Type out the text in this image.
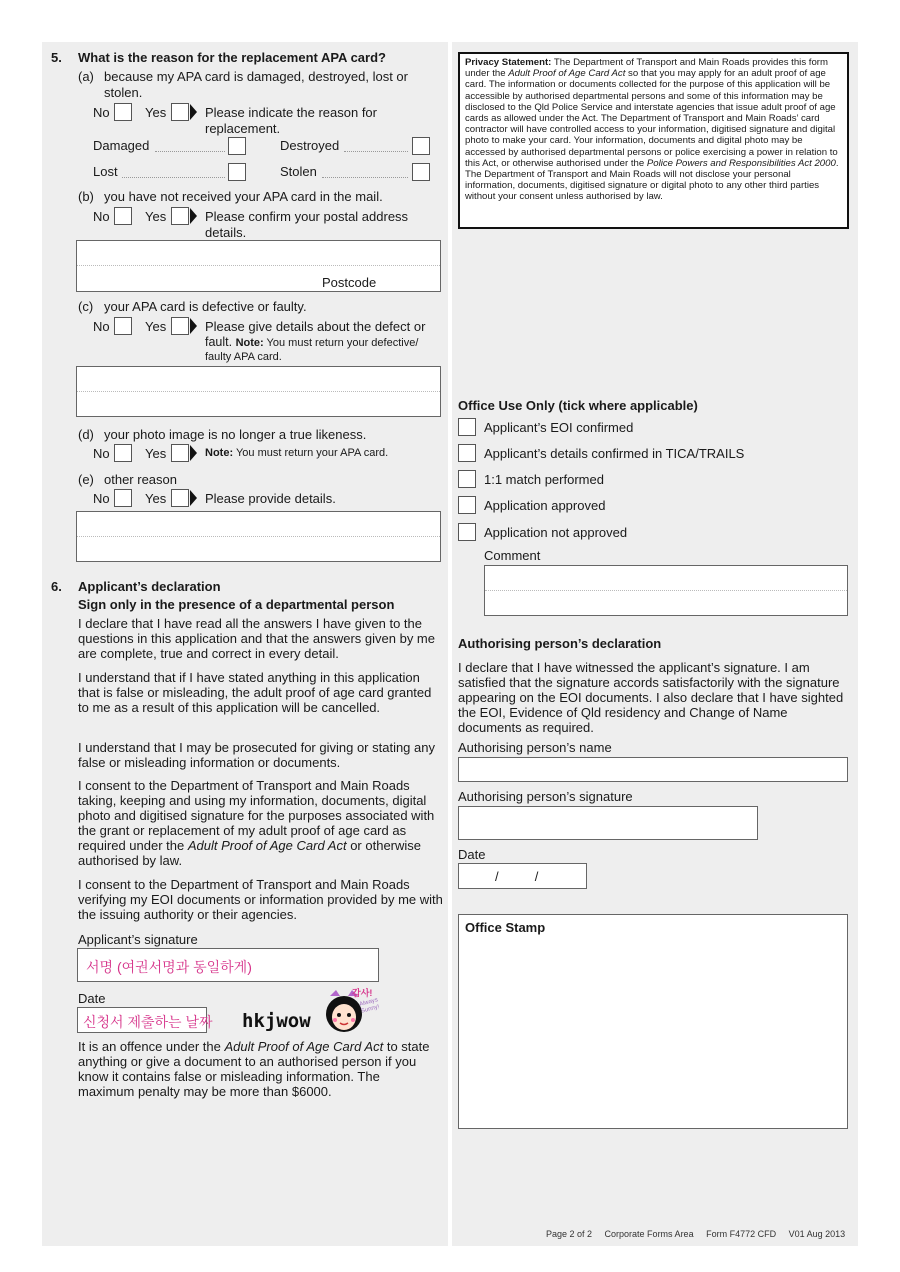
5. What is the reason for the replacement APA card?
(a) because my APA card is damaged, destroyed, lost or
stolen.
No	Yes	Please indicate the reason for
replacement.
Damaged	Destroyed
Lost	Stolen
(b) you have not received your APA card in the mail.
No	Yes	Please confirm your postal address
details.
Postcode
(c) your APA card is defective or faulty.
No	Yes	Please give details about the defect or
fault. Note: You must return your defective/
faulty APA card.
(d) your photo image is no longer a true likeness.
No	Yes	Note: You must return your APA card.
(e) other reason
No	Yes	Please provide details.
6. Applicant’s declaration
Sign only in the presence of a departmental person
I declare that I have read all the answers I have given to the questions in this application and that the answers given by me are complete, true and correct in every detail.
I understand that if I have stated anything in this application that is false or misleading, the adult proof of age card granted to me as a result of this application will be cancelled.
I understand that I may be prosecuted for giving or stating any false or misleading information or documents.
I consent to the Department of Transport and Main Roads taking, keeping and using my information, documents, digital photo and digitised signature for the purposes associated with the grant or replacement of my adult proof of age card as required under the Adult Proof of Age Card Act or otherwise authorised by law.
I consent to the Department of Transport and Main Roads verifying my EOI documents or information provided by me with the issuing authority or their agencies.
Applicant’s signature
서명 (여권서명과 동일하게)
Date
신청서 제출하는 날짜 hkjwow
감사!
Always Sunny!
It is an offence under the Adult Proof of Age Card Act to state anything or give a document to an authorised person if you know it contains false or misleading information. The maximum penalty may be more than $6000.
Privacy Statement: The Department of Transport and Main Roads provides this form under the Adult Proof of Age Card Act so that you may apply for an adult proof of age card. The information or documents collected for the purpose of this application will be accessible by authorised departmental persons and some of this information may be disclosed to the Qld Police Service and interstate agencies that issue adult proof of age cards as allowed under the Act. The Department of Transport and Main Roads’ card contractor will have controlled access to your information, digitised signature and digital photo to make your card. Your information, documents and digital photo may be accessed by authorised departmental persons or police exercising a power in relation to this Act, or otherwise authorised under the Police Powers and Responsibilities Act 2000. The Department of Transport and Main Roads will not disclose your personal information, documents, digitised signature or digital photo to any other third parties without your consent unless authorised by law.
Office Use Only (tick where applicable)
Applicant’s EOI confirmed
Applicant’s details confirmed in TICA/TRAILS
1:1 match performed
Application approved
Application not approved
Comment
Authorising person’s declaration
I declare that I have witnessed the applicant’s signature. I am satisfied that the signature accords satisfactorily with the signature appearing on the EOI documents. I also declare that I have sighted the EOI, Evidence of Qld residency and Change of Name documents as required.
Authorising person’s name
Authorising person’s signature
Date
/          /
Office Stamp
Page 2 of 2     Corporate Forms Area     Form F4772 CFD     V01 Aug 2013
